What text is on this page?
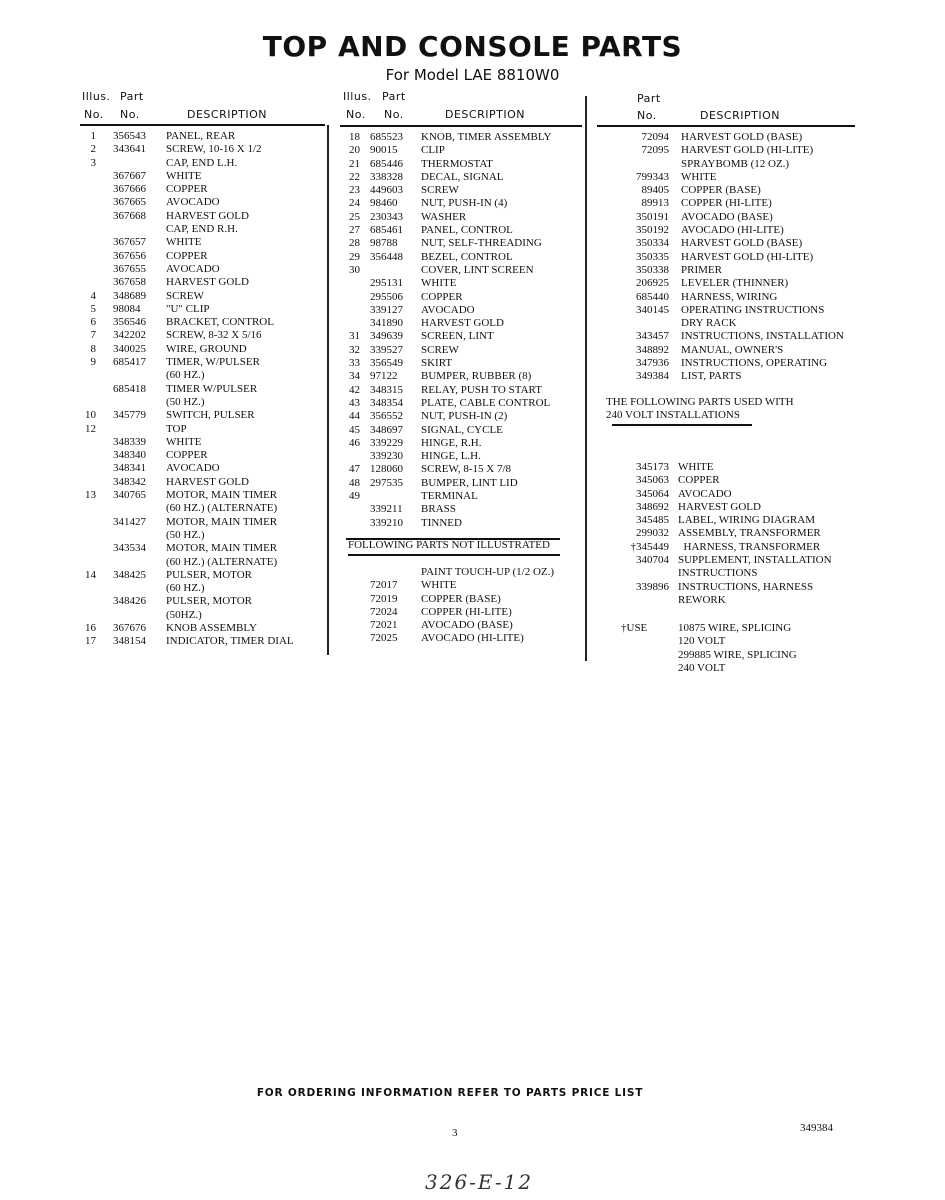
TOP AND CONSOLE PARTS
For Model LAE 8810W0
Illus. Part
No. No.	DESCRIPTION
Illus. Part
No. No.	DESCRIPTION
Part
No.	DESCRIPTION
1 356543 PANEL, REAR
2 343641 SCREW, 10-16 X 1/2
3	CAP, END L.H.
367667 WHITE
367666 COPPER
367665 AVOCADO
367668 HARVEST GOLD
CAP, END R.H.
367657 WHITE
367656 COPPER
367655 AVOCADO
367658 HARVEST GOLD
4 348689 SCREW
5 98084 "U" CLIP
6 356546 BRACKET, CONTROL
7 342202 SCREW, 8-32 X 5/16
8 340025 WIRE, GROUND
9 685417 TIMER, W/PULSER
(60 HZ.)
685418 TIMER W/PULSER
(50 HZ.)
10 345779 SWITCH, PULSER
12	TOP
348339 WHITE
348340 COPPER
348341 AVOCADO
348342 HARVEST GOLD
13 340765 MOTOR, MAIN TIMER
(60 HZ.) (ALTERNATE)
341427 MOTOR, MAIN TIMER
(50 HZ.)
343534 MOTOR, MAIN TIMER
(60 HZ.) (ALTERNATE)
14 348425 PULSER, MOTOR
(60 HZ.)
348426 PULSER, MOTOR
(50HZ.)
16 367676 KNOB ASSEMBLY
17 348154 INDICATOR, TIMER DIAL
18 685523 KNOB, TIMER ASSEMBLY
20 90015 CLIP
21 685446 THERMOSTAT
22 338328 DECAL, SIGNAL
23 449603 SCREW
24 98460 NUT, PUSH-IN (4)
25 230343 WASHER
27 685461 PANEL, CONTROL
28 98788 NUT, SELF-THREADING
29 356448 BEZEL, CONTROL
30	COVER, LINT SCREEN
295131 WHITE
295506 COPPER
339127 AVOCADO
341890 HARVEST GOLD
31 349639 SCREEN, LINT
32 339527 SCREW
33 356549 SKIRT
34 97122 BUMPER, RUBBER (8)
42 348315 RELAY, PUSH TO START
43 348354 PLATE, CABLE CONTROL
44 356552 NUT, PUSH-IN (2)
45 348697 SIGNAL, CYCLE
46 339229 HINGE, R.H.
339230 HINGE, L.H.
47 128060 SCREW, 8-15 X 7/8
48 297535 BUMPER, LINT LID
49	TERMINAL
339211 BRASS
339210 TINNED
FOLLOWING PARTS NOT ILLUSTRATED
PAINT TOUCH-UP (1/2 OZ.)
72017 WHITE
72019 COPPER (BASE)
72024 COPPER (HI-LITE)
72021 AVOCADO (BASE)
72025 AVOCADO (HI-LITE)
72094 HARVEST GOLD (BASE)
72095 HARVEST GOLD (HI-LITE)
SPRAYBOMB (12 OZ.)
799343 WHITE
89405 COPPER (BASE)
89913 COPPER (HI-LITE)
350191 AVOCADO (BASE)
350192 AVOCADO (HI-LITE)
350334 HARVEST GOLD (BASE)
350335 HARVEST GOLD (HI-LITE)
350338 PRIMER
206925 LEVELER (THINNER)
685440 HARNESS, WIRING
340145 OPERATING INSTRUCTIONS
DRY RACK
343457 INSTRUCTIONS, INSTALLATION
348892 MANUAL, OWNER'S
347936 INSTRUCTIONS, OPERATING
349384 LIST, PARTS
THE FOLLOWING PARTS USED WITH
240 VOLT INSTALLATIONS
345173 WHITE
345063 COPPER
345064 AVOCADO
348692 HARVEST GOLD
345485 LABEL, WIRING DIAGRAM
299032 ASSEMBLY, TRANSFORMER
†345449 HARNESS, TRANSFORMER
340704 SUPPLEMENT, INSTALLATION
INSTRUCTIONS
339896 INSTRUCTIONS, HARNESS
REWORK
†USE	10875 WIRE, SPLICING
120 VOLT
299885 WIRE, SPLICING
240 VOLT
FOR ORDERING INFORMATION REFER TO PARTS PRICE LIST
3	349384
326-E-12
